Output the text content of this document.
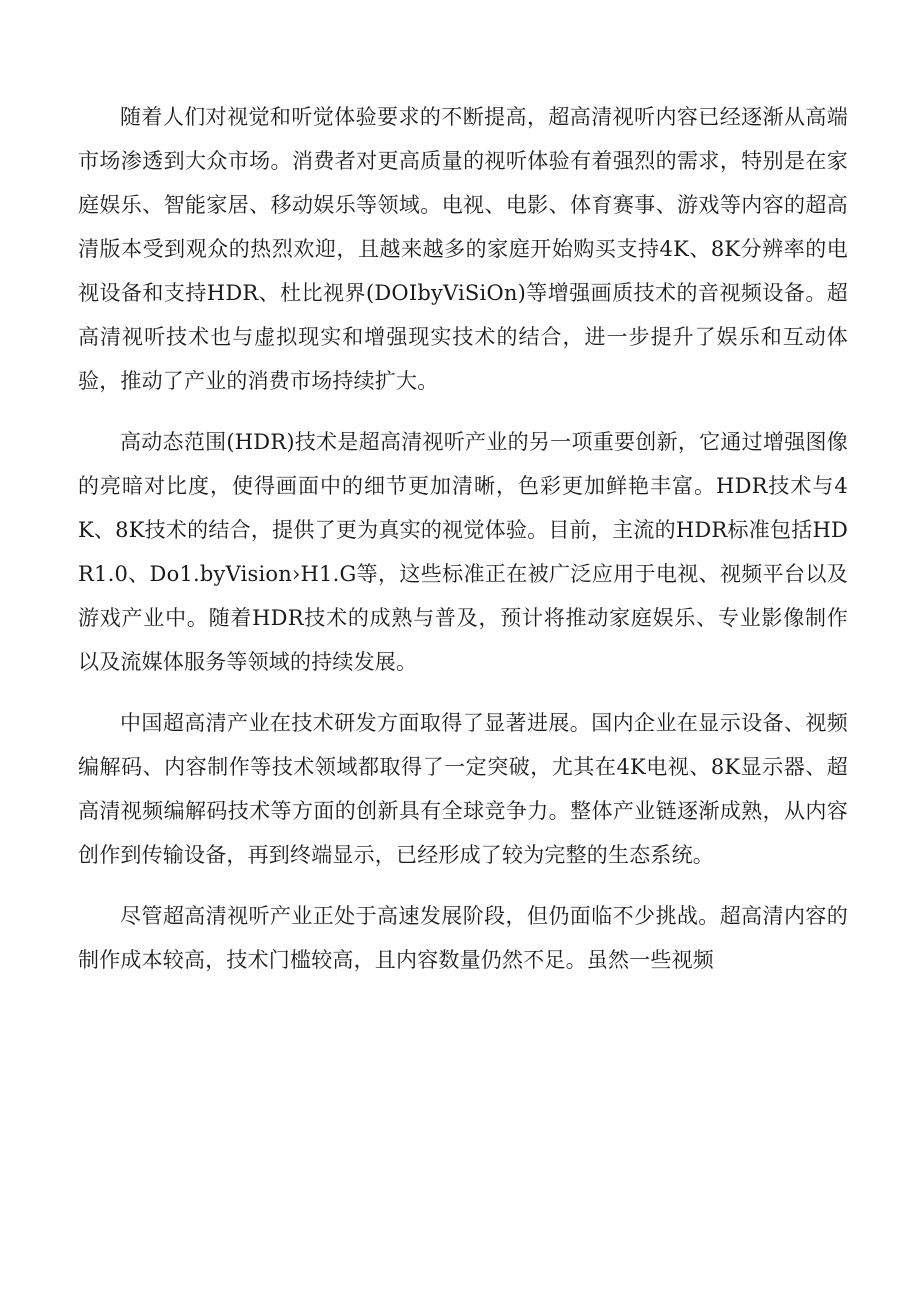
随着人们对视觉和听觉体验要求的不断提高，超高清视听内容已经逐渐从高端市场渗透到大众市场。消费者对更高质量的视听体验有着强烈的需求，特别是在家庭娱乐、智能家居、移动娱乐等领域。电视、电影、体育赛事、游戏等内容的超高清版本受到观众的热烈欢迎，且越来越多的家庭开始购买支持4K、8K分辨率的电视设备和支持HDR、杜比视界(DOIbyViSiOn)等增强画质技术的音视频设备。超高清视听技术也与虚拟现实和增强现实技术的结合，进一步提升了娱乐和互动体验，推动了产业的消费市场持续扩大。

高动态范围(HDR)技术是超高清视听产业的另一项重要创新，它通过增强图像的亮暗对比度，使得画面中的细节更加清晰，色彩更加鲜艳丰富。HDR技术与4K、8K技术的结合，提供了更为真实的视觉体验。目前，主流的HDR标准包括HDR1.0、Do1.byVision›H1.G等，这些标准正在被广泛应用于电视、视频平台以及游戏产业中。随着HDR技术的成熟与普及，预计将推动家庭娱乐、专业影像制作以及流媒体服务等领域的持续发展。

中国超高清产业在技术研发方面取得了显著进展。国内企业在显示设备、视频编解码、内容制作等技术领域都取得了一定突破，尤其在4K电视、8K显示器、超高清视频编解码技术等方面的创新具有全球竞争力。整体产业链逐渐成熟，从内容创作到传输设备，再到终端显示，已经形成了较为完整的生态系统。

尽管超高清视听产业正处于高速发展阶段，但仍面临不少挑战。超高清内容的制作成本较高，技术门槛较高，且内容数量仍然不足。虽然一些视频
